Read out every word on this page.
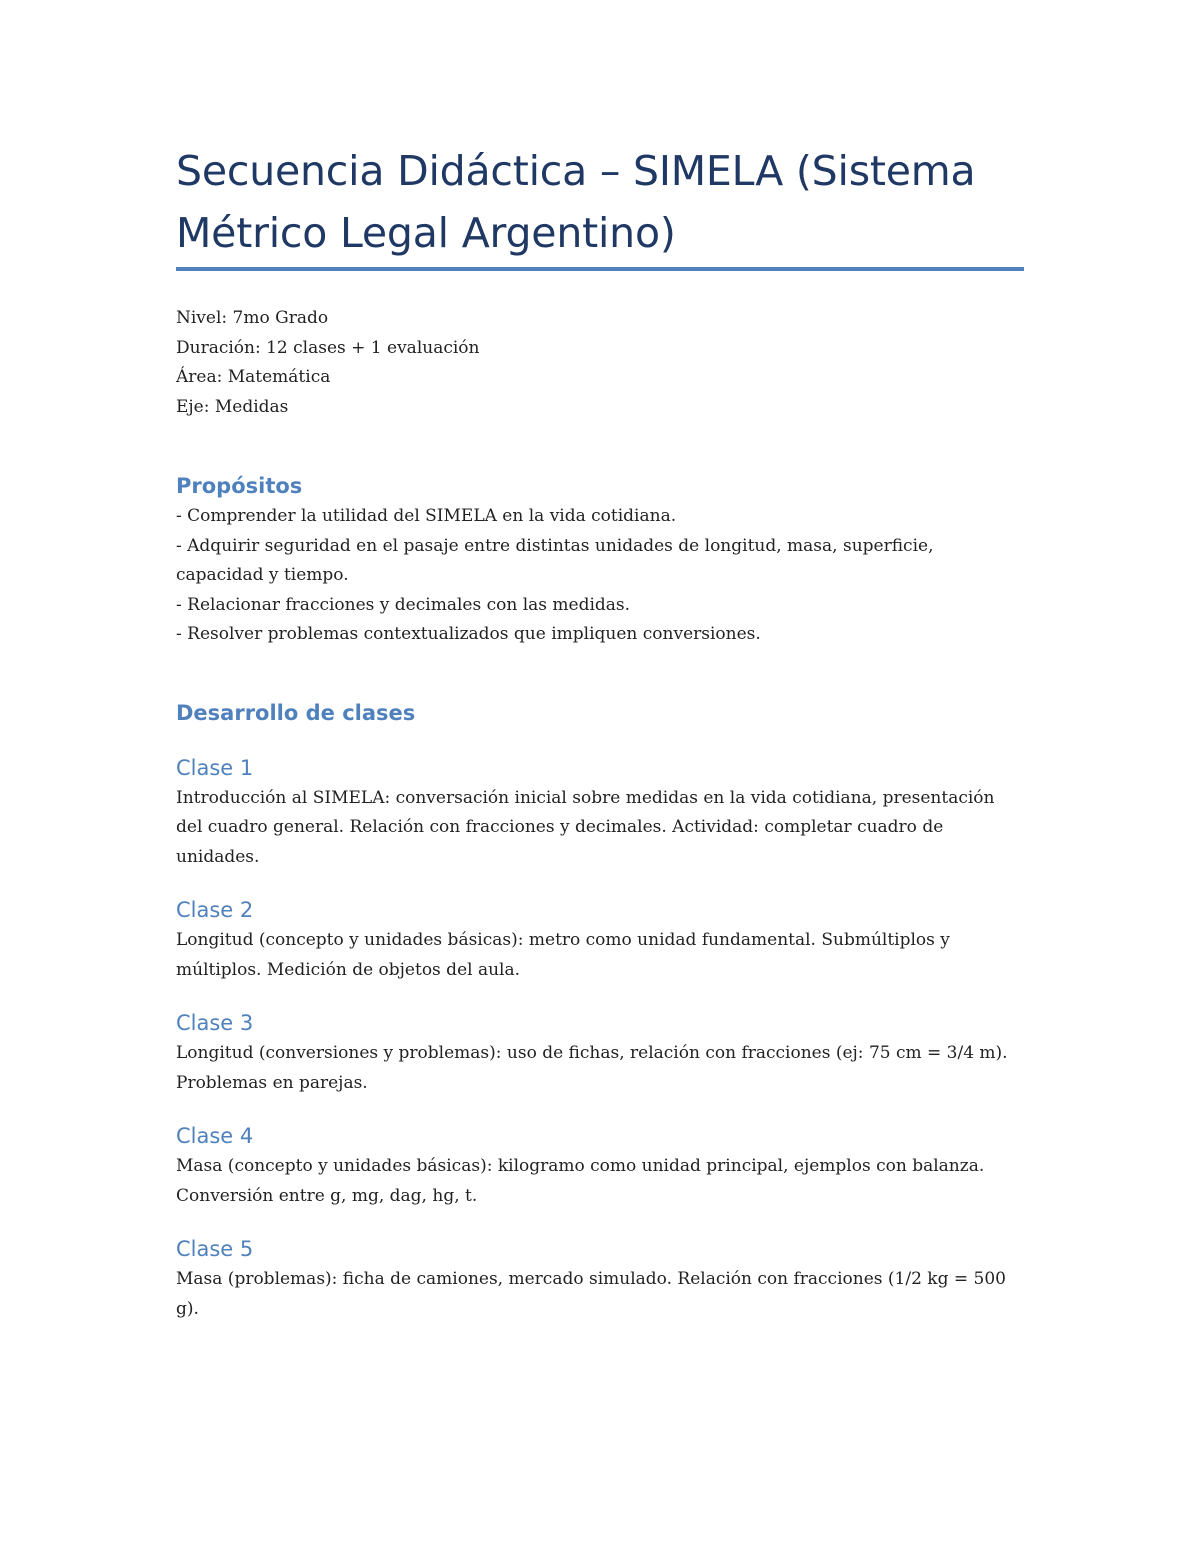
Secuencia Didáctica – SIMELA (Sistema Métrico Legal Argentino)

Nivel: 7mo Grado

Duración: 12 clases + 1 evaluación

Área: Matemática

Eje: Medidas

Propósitos

- Comprender la utilidad del SIMELA en la vida cotidiana.

- Adquirir seguridad en el pasaje entre distintas unidades de longitud, masa, superficie, capacidad y tiempo.

- Relacionar fracciones y decimales con las medidas.

- Resolver problemas contextualizados que impliquen conversiones.

Desarrollo de clases
Clase 1

Introducción al SIMELA: conversación inicial sobre medidas en la vida cotidiana, presentación del cuadro general. Relación con fracciones y decimales. Actividad: completar cuadro de unidades.

Clase 2

Longitud (concepto y unidades básicas): metro como unidad fundamental. Submúltiplos y múltiplos. Medición de objetos del aula.

Clase 3

Longitud (conversiones y problemas): uso de fichas, relación con fracciones (ej: 75 cm = 3/4 m). Problemas en parejas.

Clase 4

Masa (concepto y unidades básicas): kilogramo como unidad principal, ejemplos con balanza. Conversión entre g, mg, dag, hg, t.

Clase 5

Masa (problemas): ficha de camiones, mercado simulado. Relación con fracciones (1/2 kg = 500 g).
